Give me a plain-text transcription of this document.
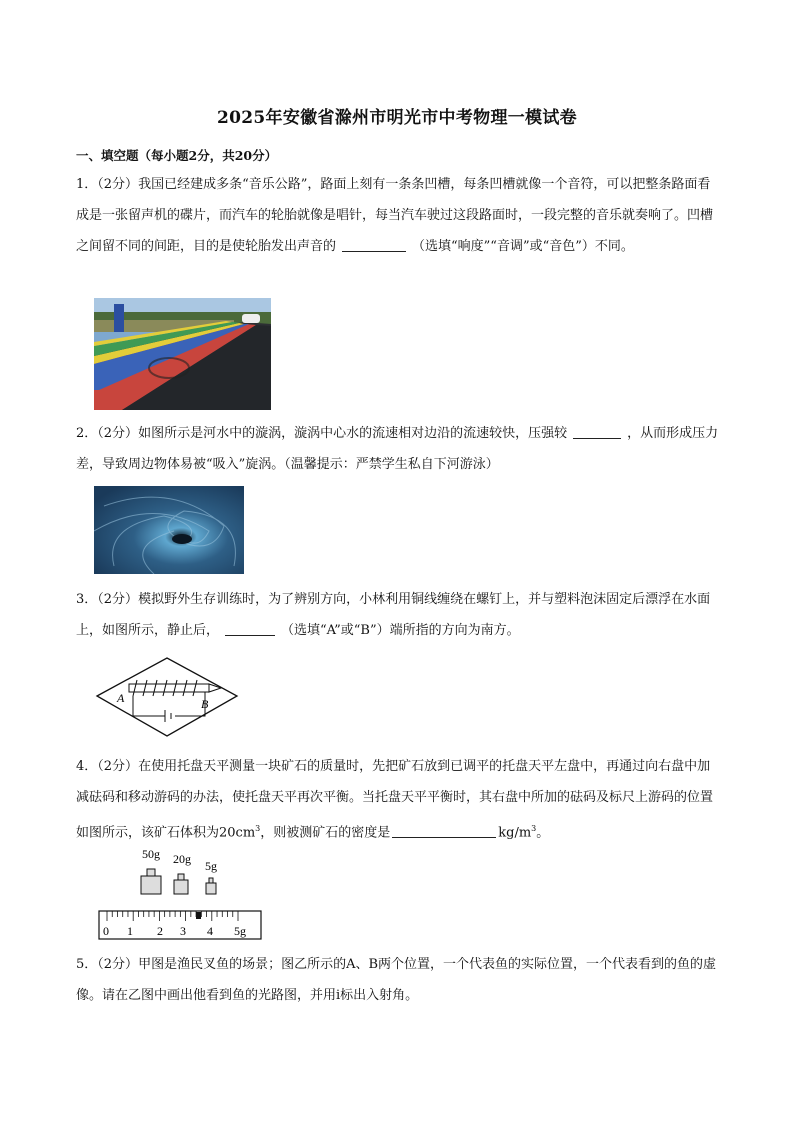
2025年安徽省滁州市明光市中考物理一模试卷
一、填空题（每小题2分，共20分）

1．（2分）我国已经建成多条“音乐公路”，路面上刻有一条条凹槽，每条凹槽就像一个音符，可以把整条路面看成是一张留声机的碟片，而汽车的轮胎就像是唱针，每当汽车驶过这段路面时，一段完整的音乐就奏响了。凹槽之间留不同的间距，目的是使轮胎发出声音的	（选填“响度”“音调”或“音色”）不同。

2．（2分）如图所示是河水中的漩涡，漩涡中心水的流速相对边沿的流速较快，压强较	，从而形成压力差，导致周边物体易被“吸入”旋涡。（温馨提示：严禁学生私自下河游泳）

3．（2分）模拟野外生存训练时，为了辨别方向，小林利用铜线缠绕在螺钉上，并与塑料泡沫固定后漂浮在水面上，如图所示，静止后，	（选填“A”或“B”）端所指的方向为南方。

A	B

4．（2分）在使用托盘天平测量一块矿石的质量时，先把矿石放到已调平的托盘天平左盘中，再通过向右盘中加减砝码和移动游码的办法，使托盘天平再次平衡。当托盘天平平衡时，其右盘中所加的砝码及标尺上游码的位置如图所示，该矿石体积为$20cm^3$，则被测矿石的密度是	$kg/m^3$。

50g 20g 5g
0 1 2 3 4 5g

5．（2分）甲图是渔民叉鱼的场景；图乙所示的A、B两个位置，一个代表鱼的实际位置，一个代表看到的鱼的虚像。请在乙图中画出他看到鱼的光路图，并用i标出入射角。
